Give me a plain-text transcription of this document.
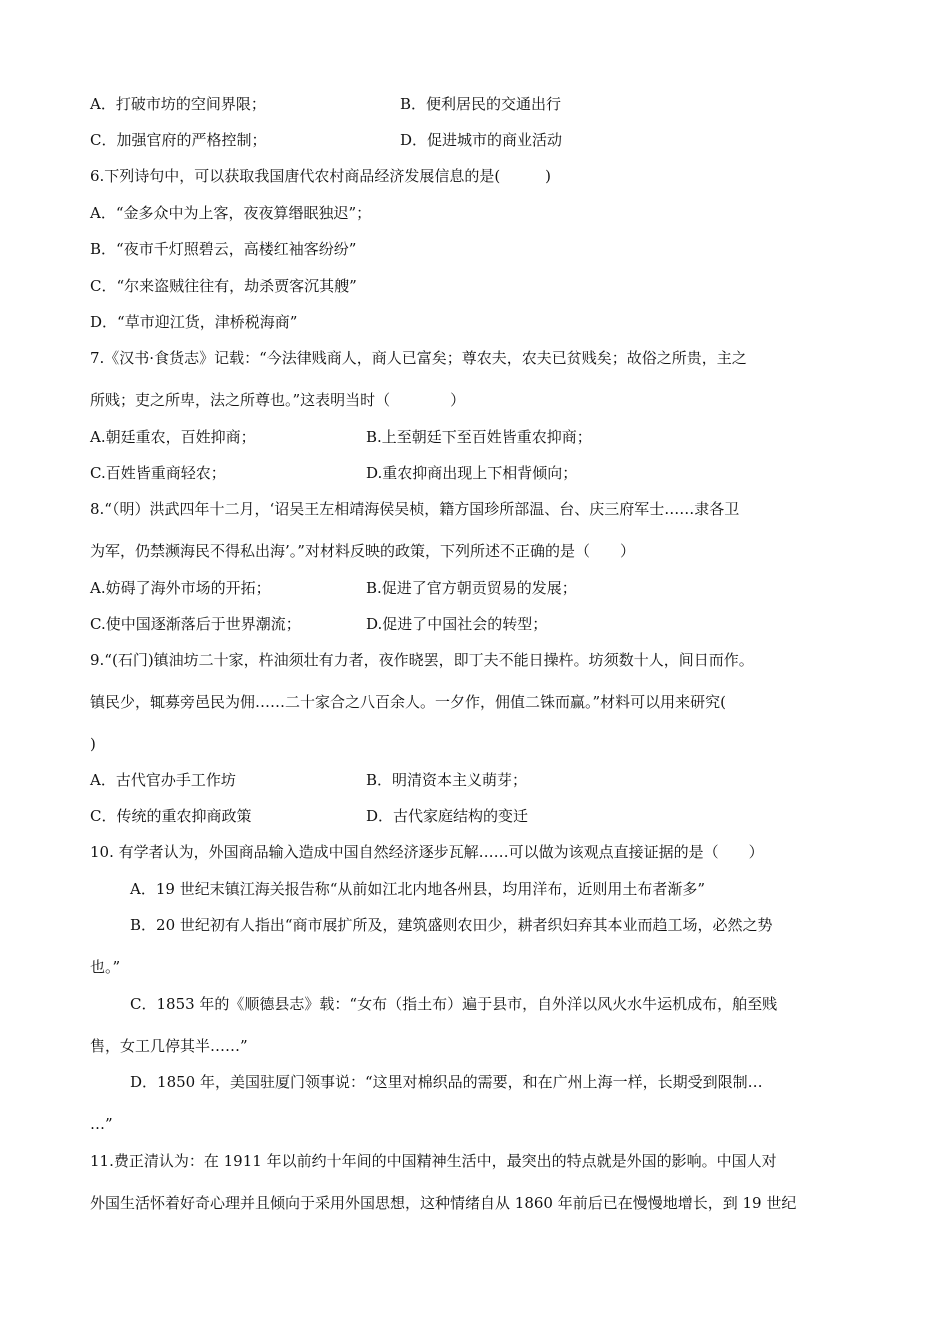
A．打破市坊的空间界限；	B．便利居民的交通出行
C．加强官府的严格控制；	D．促进城市的商业活动
6.下列诗句中，可以获取我国唐代农村商品经济发展信息的是(　　　)
A．“金多众中为上客，夜夜算缗眠独迟”；
B．“夜市千灯照碧云，高楼红袖客纷纷”
C．“尔来盗贼往往有，劫杀贾客沉其艘”
D．“草市迎江货，津桥税海商”
7.《汉书·食货志》记载：“今法律贱商人，商人已富矣；尊农夫，农夫已贫贱矣；故俗之所贵，主之
所贱；吏之所卑，法之所尊也。”这表明当时（　　　　）
A.朝廷重农，百姓抑商；	B.上至朝廷下至百姓皆重农抑商；
C.百姓皆重商轻农；	D.重农抑商出现上下相背倾向；
8.“（明）洪武四年十二月，‘诏吴王左相靖海侯吴桢，籍方国珍所部温、台、庆三府军士……隶各卫
为军，仍禁濒海民不得私出海’。”对材料反映的政策，下列所述不正确的是（　　）
A.妨碍了海外市场的开拓；	B.促进了官方朝贡贸易的发展；
C.使中国逐渐落后于世界潮流；	D.促进了中国社会的转型；
9.“(石门)镇油坊二十家，杵油须壮有力者，夜作晓罢，即丁夫不能日操杵。坊须数十人，间日而作。
镇民少，辄募旁邑民为佣……二十家合之八百余人。一夕作，佣值二铢而赢。”材料可以用来研究(
)
A．古代官办手工作坊	B．明清资本主义萌芽；
C．传统的重农抑商政策	D．古代家庭结构的变迁
10. 有学者认为，外国商品输入造成中国自然经济逐步瓦解……可以做为该观点直接证据的是（　　）
A．19 世纪末镇江海关报告称“从前如江北内地各州县，均用洋布，近则用土布者渐多”
B．20 世纪初有人指出“商市展扩所及，建筑盛则农田少，耕者织妇弃其本业而趋工场，必然之势
也。”
C．1853 年的《顺德县志》载：“女布（指土布）遍于县市，自外洋以风火水牛运机成布，舶至贱
售，女工几停其半……”
D．1850 年，美国驻厦门领事说：“这里对棉织品的需要，和在广州上海一样，长期受到限制…
…”
11.费正清认为：在 1911 年以前约十年间的中国精神生活中，最突出的特点就是外国的影响。中国人对
外国生活怀着好奇心理并且倾向于采用外国思想，这种情绪自从 1860 年前后已在慢慢地增长，到 19 世纪
